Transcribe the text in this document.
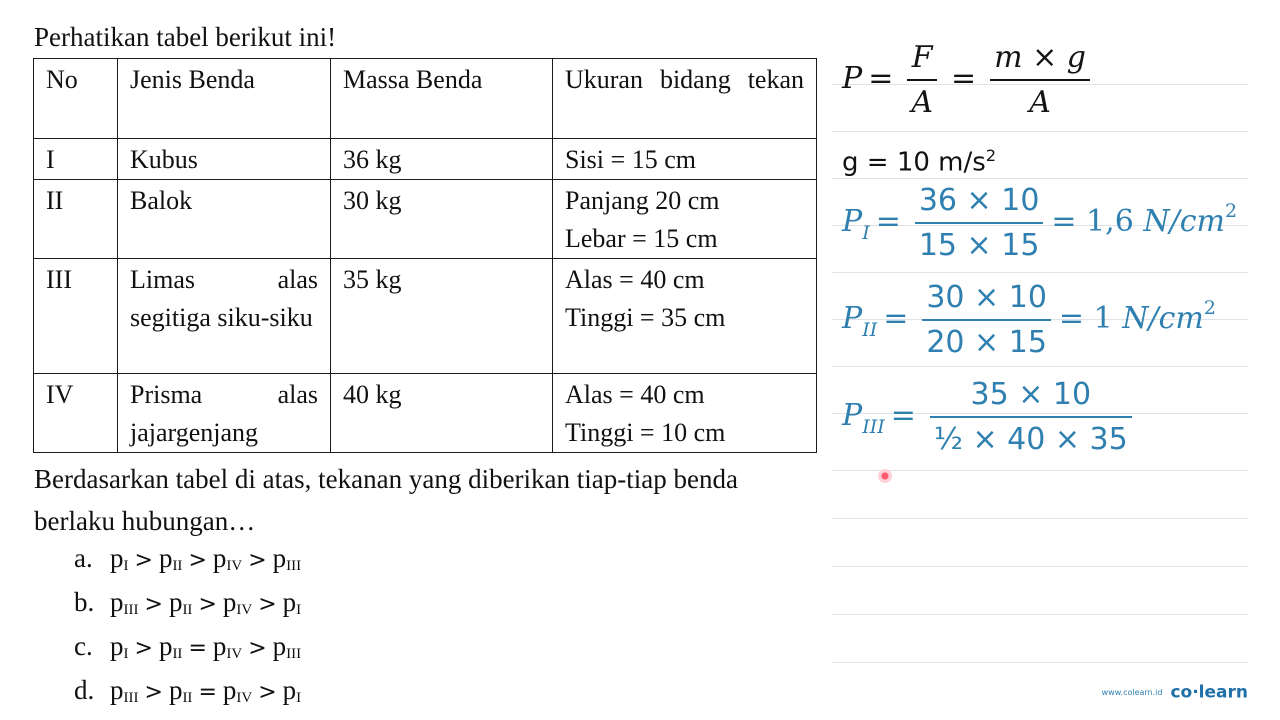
Perhatikan tabel berikut ini!
No	Jenis Benda	Massa Benda	Ukuran bidang tekan
I	Kubus	36 kg	Sisi = 15 cm

II	Balok	30 kg	Panjang 20 cm
Lebar = 15 cm

III	Limas alas segitiga siku-siku	35 kg	Alas = 40 cm
Tinggi = 35 cm

IV	Prisma alas jajargenjang	40 kg	Alas = 40 cm
Tinggi = 10 cm
Berdasarkan tabel di atas, tekanan yang diberikan tiap-tiap benda berlaku hubungan…
a. $p_I > p_{II} > p_{IV} > p_{III}$
b. $p_{III} > p_{II} > p_{IV} > p_I$
c. $p_I > p_{II} = p_{IV} > p_{III}$
d. $p_{III} > p_{II} = p_{IV} > p_I$
$P = \frac{F}{A} = \frac{m \times g}{A}$
g = 10 $m/s^2$
$P_I = \frac{36 \times 10}{15 \times 15} = 1,6$ $N/cm^2$
$P_{II} = \frac{30 \times 10}{20 \times 15} = 1$ $N/cm^2$
$P_{III} = \frac{35 \times 10}{\text{½ × 40 × 35}}$
www.colearn.id co·learn
